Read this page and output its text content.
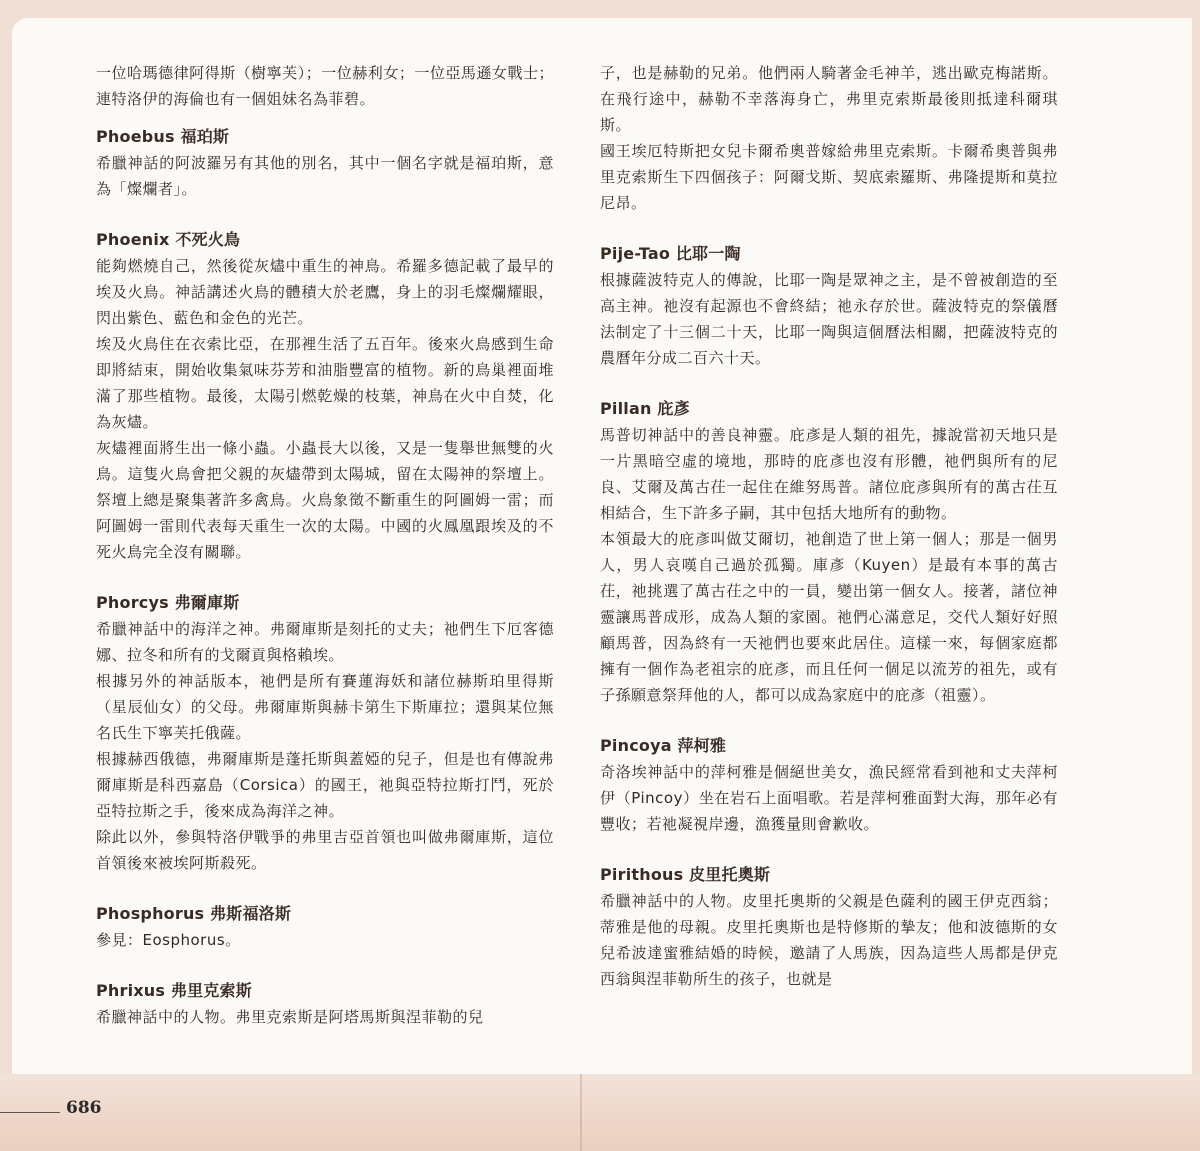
一位哈瑪德律阿得斯（樹寧芙）；一位赫利女；一位亞馬遜女戰士；連特洛伊的海倫也有一個姐妹名為菲碧。

Phoebus 福珀斯

希臘神話的阿波羅另有其他的別名，其中一個名字就是福珀斯，意為「燦爛者」。

Phoenix 不死火鳥

能夠燃燒自己，然後從灰燼中重生的神鳥。希羅多德記載了最早的埃及火鳥。神話講述火鳥的體積大於老鷹，身上的羽毛燦爛耀眼，閃出紫色、藍色和金色的光芒。

埃及火鳥住在衣索比亞，在那裡生活了五百年。後來火鳥感到生命即將結束，開始收集氣味芬芳和油脂豐富的植物。新的鳥巢裡面堆滿了那些植物。最後，太陽引燃乾燥的枝葉，神鳥在火中自焚，化為灰燼。

灰燼裡面將生出一條小蟲。小蟲長大以後，又是一隻舉世無雙的火鳥。這隻火鳥會把父親的灰燼帶到太陽城，留在太陽神的祭壇上。祭壇上總是聚集著許多禽鳥。火鳥象徵不斷重生的阿圖姆一雷；而阿圖姆一雷則代表每天重生一次的太陽。中國的火鳳凰跟埃及的不死火鳥完全沒有關聯。

Phorcys 弗爾庫斯

希臘神話中的海洋之神。弗爾庫斯是刻托的丈夫；祂們生下厄客德娜、拉冬和所有的戈爾貢與格賴埃。

根據另外的神話版本，祂們是所有賽蓮海妖和諸位赫斯珀里得斯（星辰仙女）的父母。弗爾庫斯與赫卡第生下斯庫拉；還與某位無名氏生下寧芙托俄薩。

根據赫西俄德，弗爾庫斯是蓬托斯與蓋婭的兒子，但是也有傳說弗爾庫斯是科西嘉島（Corsica）的國王，祂與亞特拉斯打鬥，死於亞特拉斯之手，後來成為海洋之神。

除此以外，參與特洛伊戰爭的弗里吉亞首領也叫做弗爾庫斯，這位首領後來被埃阿斯殺死。

Phosphorus 弗斯福洛斯

參見：Eosphorus。

Phrixus 弗里克索斯

希臘神話中的人物。弗里克索斯是阿塔馬斯與涅菲勒的兒

子，也是赫勒的兄弟。他們兩人騎著金毛神羊，逃出歐克梅諾斯。在飛行途中，赫勒不幸落海身亡，弗里克索斯最後則抵達科爾琪斯。

國王埃厄特斯把女兒卡爾希奧普嫁給弗里克索斯。卡爾希奧普與弗里克索斯生下四個孩子：阿爾戈斯、契底索羅斯、弗隆提斯和莫拉尼昂。

Pije-Tao 比耶一陶

根據薩波特克人的傳說，比耶一陶是眾神之主，是不曾被創造的至高主神。祂沒有起源也不會終結；祂永存於世。薩波特克的祭儀曆法制定了十三個二十天，比耶一陶與這個曆法相關，把薩波特克的農曆年分成二百六十天。

Pillan 庇彥

馬普切神話中的善良神靈。庇彥是人類的祖先，據說當初天地只是一片黑暗空虛的境地，那時的庇彥也沒有形體，祂們與所有的尼良、艾爾及萬古茌一起住在維努馬普。諸位庇彥與所有的萬古茌互相結合，生下許多子嗣，其中包括大地所有的動物。

本領最大的庇彥叫做艾爾切，祂創造了世上第一個人；那是一個男人，男人哀嘆自己過於孤獨。庫彥（Kuyen）是最有本事的萬古茌，祂挑選了萬古茌之中的一員，變出第一個女人。接著，諸位神靈讓馬普成形，成為人類的家園。祂們心滿意足，交代人類好好照顧馬普，因為終有一天祂們也要來此居住。這樣一來，每個家庭都擁有一個作為老祖宗的庇彥，而且任何一個足以流芳的祖先，或有子孫願意祭拜他的人，都可以成為家庭中的庇彥（祖靈）。

Pincoya 萍柯雅

奇洛埃神話中的萍柯雅是個絕世美女，漁民經常看到祂和丈夫萍柯伊（Pincoy）坐在岩石上面唱歌。若是萍柯雅面對大海，那年必有豐收；若祂凝視岸邊，漁獲量則會歉收。

Pirithous 皮里托奧斯

希臘神話中的人物。皮里托奧斯的父親是色薩利的國王伊克西翁；蒂雅是他的母親。皮里托奧斯也是特修斯的摯友；他和波德斯的女兒希波達蜜雅結婚的時候，邀請了人馬族，因為這些人馬都是伊克西翁與涅菲勒所生的孩子，也就是

686
